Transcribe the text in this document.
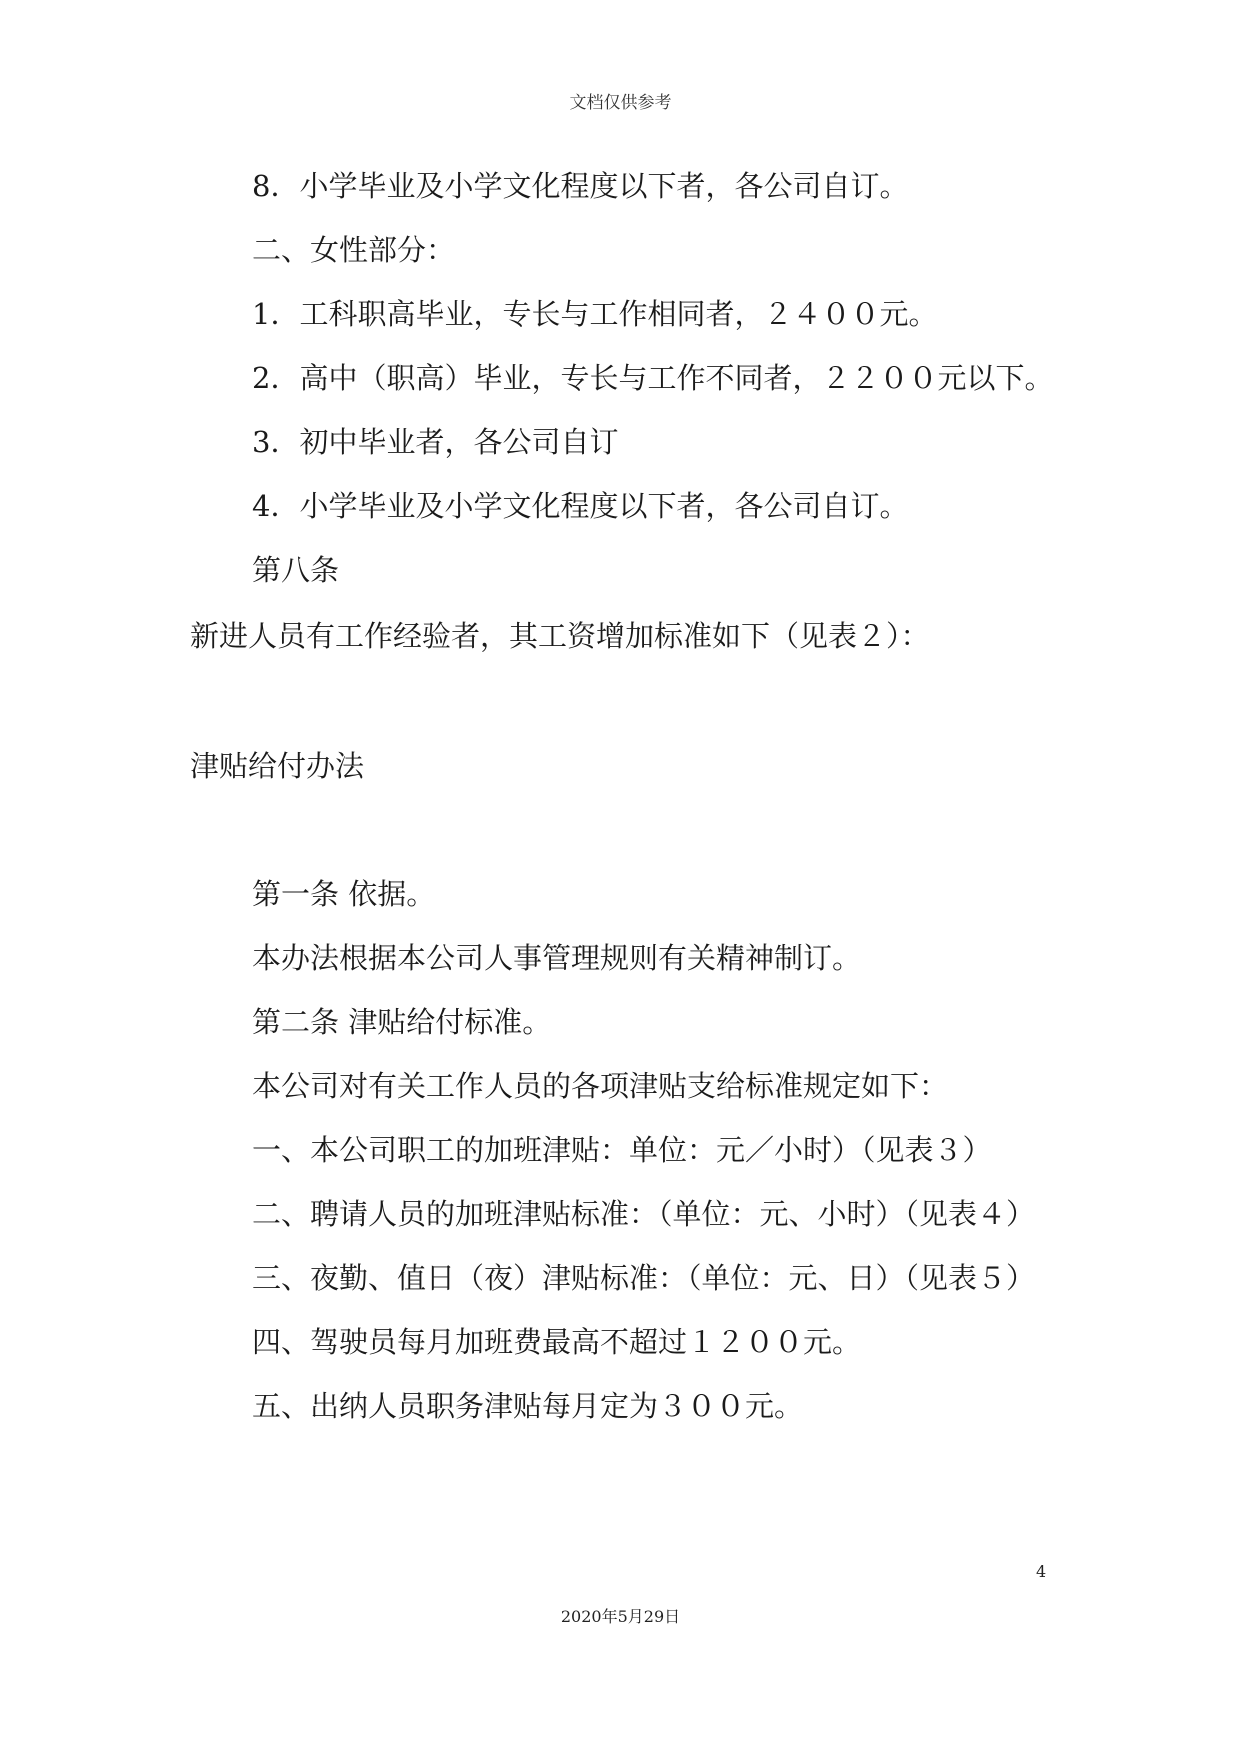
文档仅供参考
8．小学毕业及小学文化程度以下者，各公司自订。
二、女性部分：
1．工科职高毕业，专长与工作相同者，２４００元。
2．高中（职高）毕业，专长与工作不同者，２２００元以下。
3．初中毕业者，各公司自订
4．小学毕业及小学文化程度以下者，各公司自订。
第八条
新进人员有工作经验者，其工资增加标准如下（见表２）：
津贴给付办法
第一条 依据。
本办法根据本公司人事管理规则有关精神制订。
第二条 津贴给付标准。
本公司对有关工作人员的各项津贴支给标准规定如下：
一、本公司职工的加班津贴：单位：元／小时）（见表３）
二、聘请人员的加班津贴标准：（单位：元、小时）（见表４）
三、夜勤、值日（夜）津贴标准：（单位：元、日）（见表５）
四、驾驶员每月加班费最高不超过１２００元。
五、出纳人员职务津贴每月定为３００元。
4
2020年5月29日
